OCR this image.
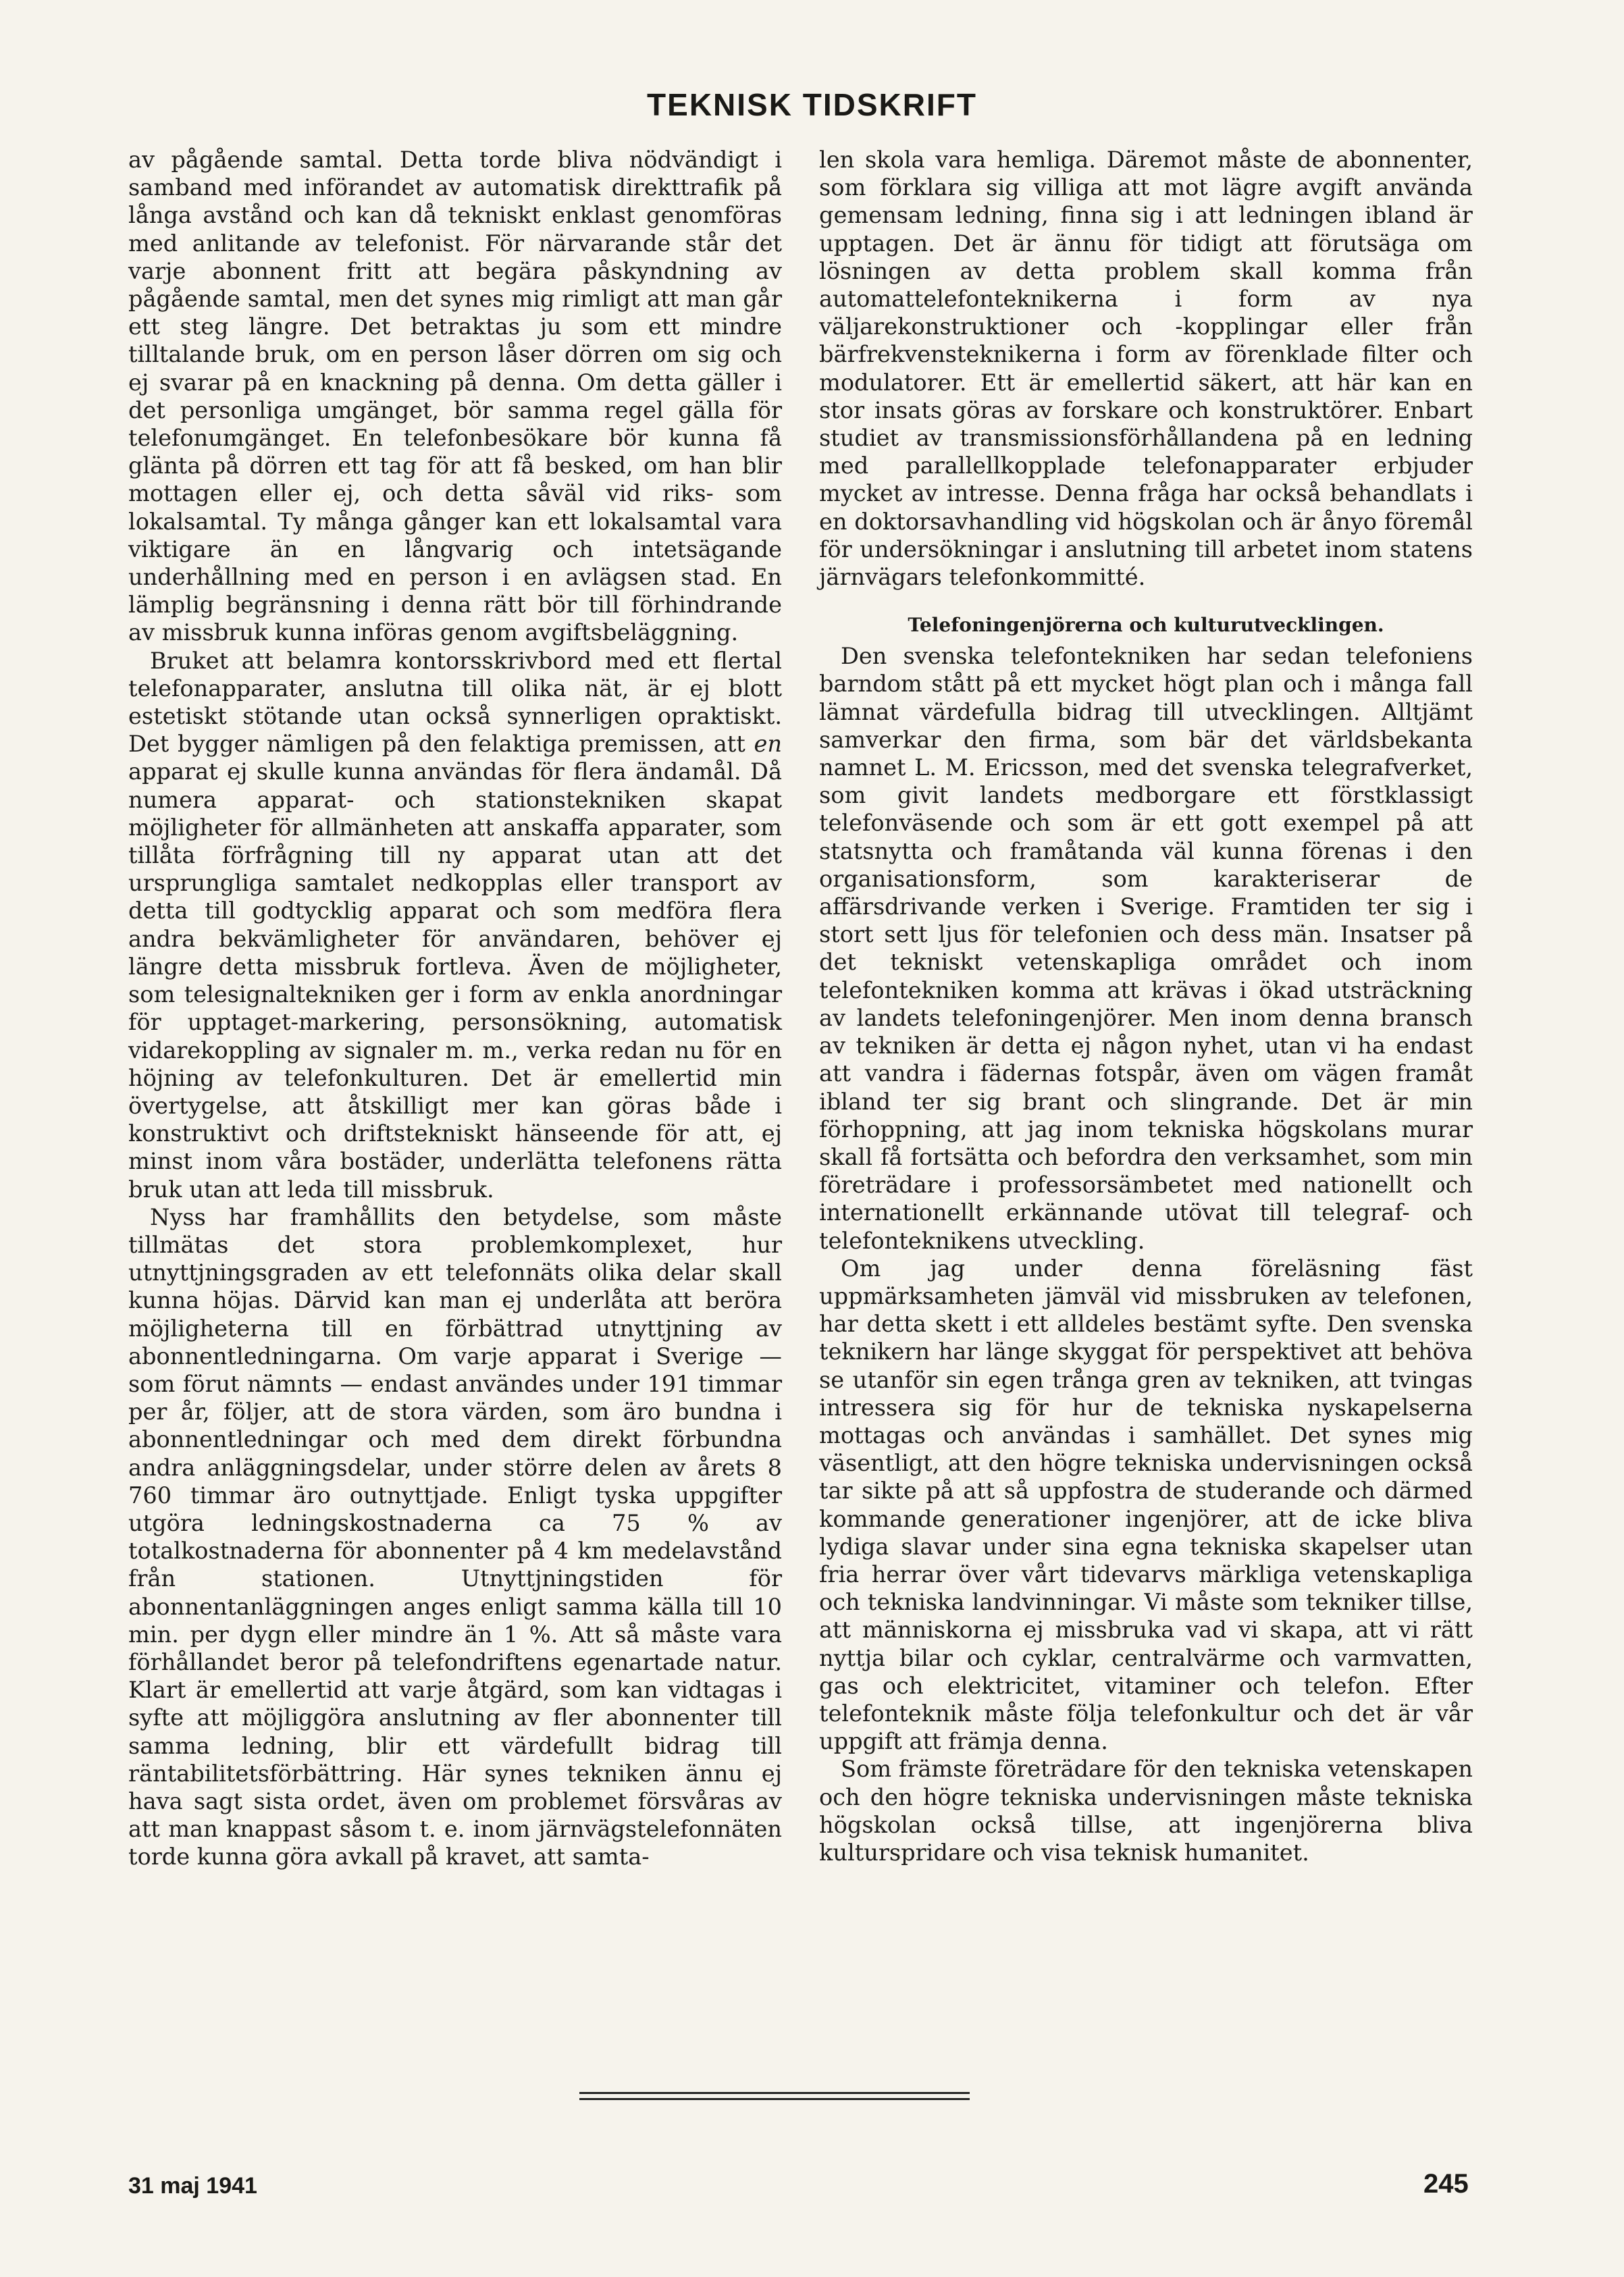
TEKNISK TIDSKRIFT

av pågående samtal. Detta torde bliva nödvändigt i samband med införandet av automatisk direkttrafik på långa avstånd och kan då tekniskt enklast genomföras med anlitande av telefonist. För närvarande står det varje abonnent fritt att begära påskyndning av pågående samtal, men det synes mig rimligt att man går ett steg längre. Det betraktas ju som ett mindre tilltalande bruk, om en person låser dörren om sig och ej svarar på en knackning på denna. Om detta gäller i det personliga umgänget, bör samma regel gälla för telefonumgänget. En telefonbesökare bör kunna få glänta på dörren ett tag för att få besked, om han blir mottagen eller ej, och detta såväl vid riks- som lokalsamtal. Ty många gånger kan ett lokalsamtal vara viktigare än en långvarig och intetsägande underhållning med en person i en avlägsen stad. En lämplig begränsning i denna rätt bör till förhindrande av missbruk kunna införas genom avgiftsbeläggning.

Bruket att belamra kontorsskrivbord med ett flertal telefonapparater, anslutna till olika nät, är ej blott estetiskt stötande utan också synnerligen opraktiskt. Det bygger nämligen på den felaktiga premissen, att en apparat ej skulle kunna användas för flera ändamål. Då numera apparat- och stationstekniken skapat möjligheter för allmänheten att anskaffa apparater, som tillåta förfrågning till ny apparat utan att det ursprungliga samtalet nedkopplas eller transport av detta till godtycklig apparat och som medföra flera andra bekvämligheter för användaren, behöver ej längre detta missbruk fortleva. Även de möjligheter, som telesignaltekniken ger i form av enkla anordningar för upptaget-markering, personsökning, automatisk vidarekoppling av signaler m. m., verka redan nu för en höjning av telefonkulturen. Det är emellertid min övertygelse, att åtskilligt mer kan göras både i konstruktivt och driftstekniskt hänseende för att, ej minst inom våra bostäder, underlätta telefonens rätta bruk utan att leda till missbruk.

Nyss har framhållits den betydelse, som måste tillmätas det stora problemkomplexet, hur utnyttjningsgraden av ett telefonnäts olika delar skall kunna höjas. Därvid kan man ej underlåta att beröra möjligheterna till en förbättrad utnyttjning av abonnentledningarna. Om varje apparat i Sverige — som förut nämnts — endast användes under 191 timmar per år, följer, att de stora värden, som äro bundna i abonnentledningar och med dem direkt förbundna andra anläggningsdelar, under större delen av årets 8 760 timmar äro outnyttjade. Enligt tyska uppgifter utgöra ledningskostnaderna ca 75 % av totalkostnaderna för abonnenter på 4 km medelavstånd från stationen. Utnyttjningstiden för abonnentanläggningen anges enligt samma källa till 10 min. per dygn eller mindre än 1 %. Att så måste vara förhållandet beror på telefondriftens egenartade natur. Klart är emellertid att varje åtgärd, som kan vidtagas i syfte att möjliggöra anslutning av fler abonnenter till samma ledning, blir ett värdefullt bidrag till räntabilitetsförbättring. Här synes tekniken ännu ej hava sagt sista ordet, även om problemet försvåras av att man knappast såsom t. e. inom järnvägstelefonnäten torde kunna göra avkall på kravet, att samta-

len skola vara hemliga. Däremot måste de abonnenter, som förklara sig villiga att mot lägre avgift använda gemensam ledning, finna sig i att ledningen ibland är upptagen. Det är ännu för tidigt att förutsäga om lösningen av detta problem skall komma från automattelefonteknikerna i form av nya väljarekonstruktioner och -kopplingar eller från bärfrekvensteknikerna i form av förenklade filter och modulatorer. Ett är emellertid säkert, att här kan en stor insats göras av forskare och konstruktörer. Enbart studiet av transmissionsförhållandena på en ledning med parallellkopplade telefonapparater erbjuder mycket av intresse. Denna fråga har också behandlats i en doktorsavhandling vid högskolan och är ånyo föremål för undersökningar i anslutning till arbetet inom statens järnvägars telefonkommitté.

Telefoningenjörerna och kulturutvecklingen.

Den svenska telefontekniken har sedan telefoniens barndom stått på ett mycket högt plan och i många fall lämnat värdefulla bidrag till utvecklingen. Alltjämt samverkar den firma, som bär det världsbekanta namnet L. M. Ericsson, med det svenska telegrafverket, som givit landets medborgare ett förstklassigt telefonväsende och som är ett gott exempel på att statsnytta och framåtanda väl kunna förenas i den organisationsform, som karakteriserar de affärsdrivande verken i Sverige. Framtiden ter sig i stort sett ljus för telefonien och dess män. Insatser på det tekniskt vetenskapliga området och inom telefontekniken komma att krävas i ökad utsträckning av landets telefoningenjörer. Men inom denna bransch av tekniken är detta ej någon nyhet, utan vi ha endast att vandra i fädernas fotspår, även om vägen framåt ibland ter sig brant och slingrande. Det är min förhoppning, att jag inom tekniska högskolans murar skall få fortsätta och befordra den verksamhet, som min företrädare i professorsämbetet med nationellt och internationellt erkännande utövat till telegraf- och telefonteknikens utveckling.

Om jag under denna föreläsning fäst uppmärksamheten jämväl vid missbruken av telefonen, har detta skett i ett alldeles bestämt syfte. Den svenska teknikern har länge skyggat för perspektivet att behöva se utanför sin egen trånga gren av tekniken, att tvingas intressera sig för hur de tekniska nyskapelserna mottagas och användas i samhället. Det synes mig väsentligt, att den högre tekniska undervisningen också tar sikte på att så uppfostra de studerande och därmed kommande generationer ingenjörer, att de icke bliva lydiga slavar under sina egna tekniska skapelser utan fria herrar över vårt tidevarvs märkliga vetenskapliga och tekniska landvinningar. Vi måste som tekniker tillse, att människorna ej missbruka vad vi skapa, att vi rätt nyttja bilar och cyklar, centralvärme och varmvatten, gas och elektricitet, vitaminer och telefon. Efter telefonteknik måste följa telefonkultur och det är vår uppgift att främja denna.

Som främste företrädare för den tekniska vetenskapen och den högre tekniska undervisningen måste tekniska högskolan också tillse, att ingenjörerna bliva kulturspridare och visa teknisk humanitet.

31 maj 1941	245
